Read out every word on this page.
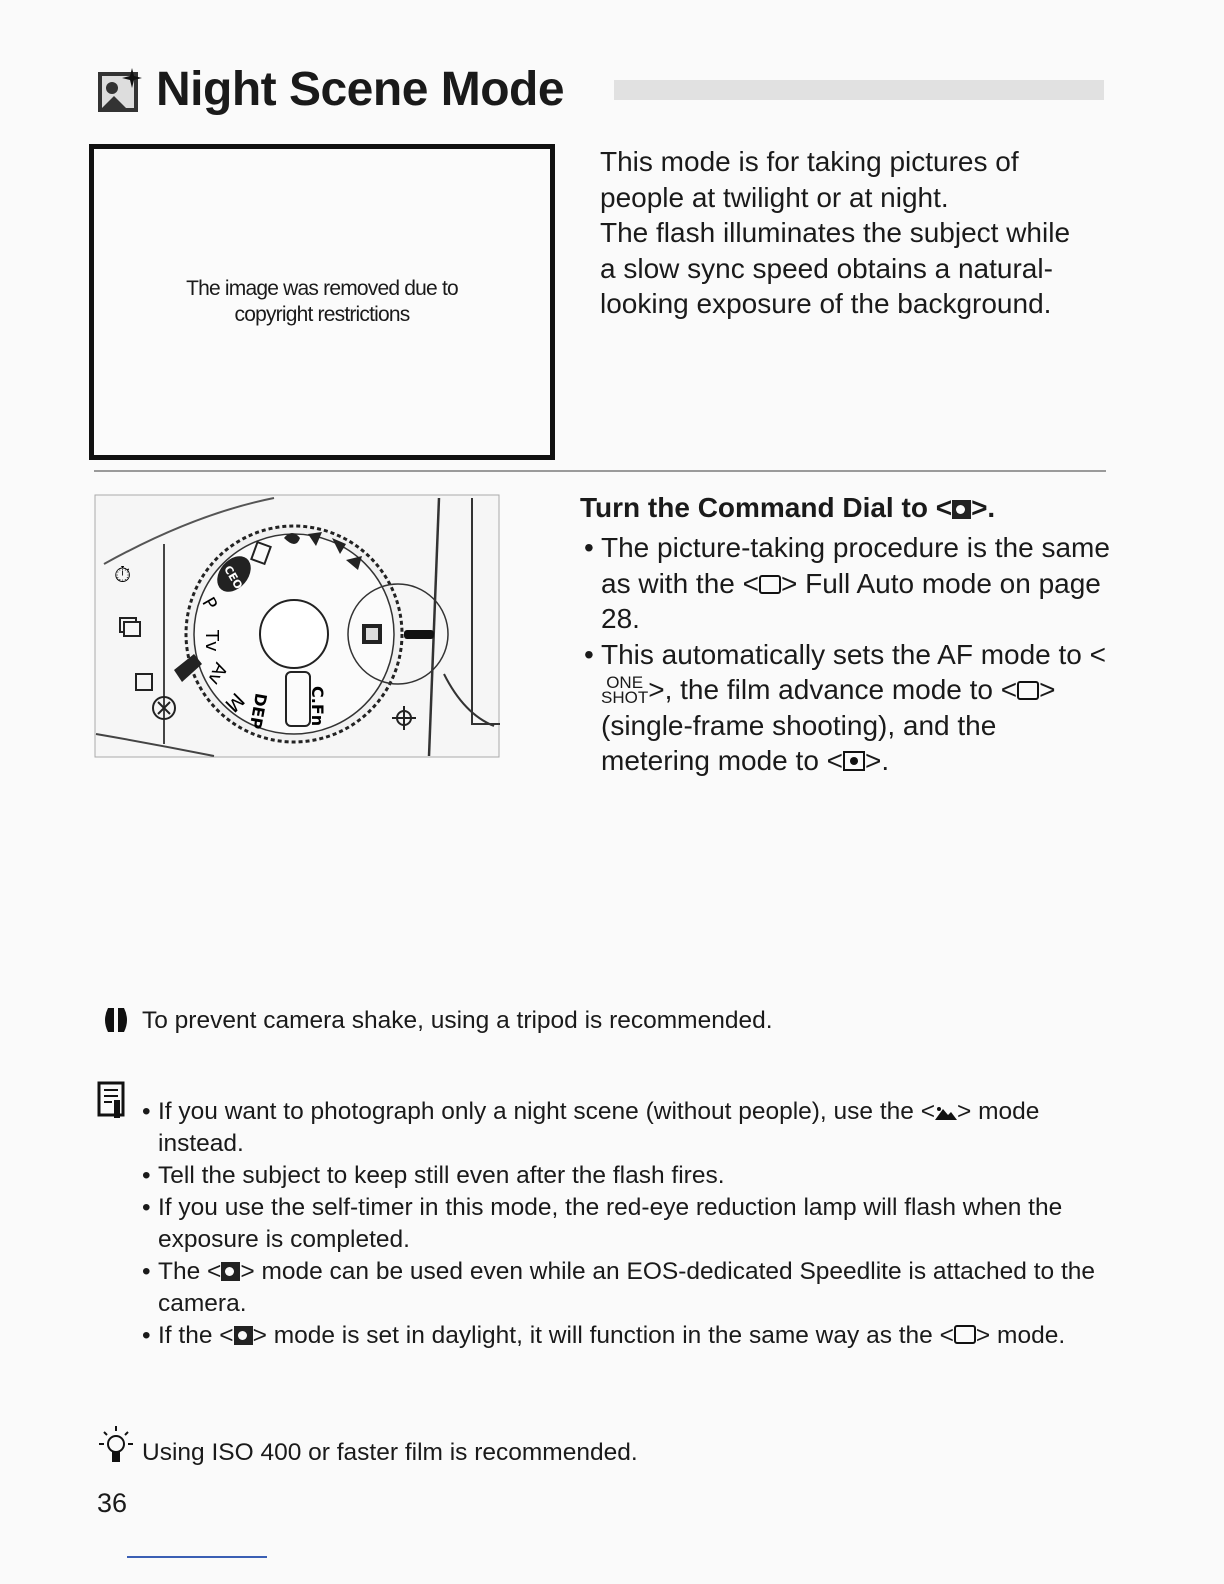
Night Scene Mode
The image was removed due to copyright restrictions

This mode is for taking pictures of people at twilight or at night.

The flash illuminates the subject while a slow sync speed obtains a natural-looking exposure of the background.

Tv
Av
M
DEP C.Fn
P
CEO
⏱

Turn the Command Dial to < >.

• The picture-taking procedure is the same as with the < > Full Auto mode on page 28.
• This automatically sets the AF mode to <ONE
SHOT>, the film advance mode to < > (single-frame shooting), and the metering mode to < >.
To prevent camera shake, using a tripod is recommended.
• If you want to photograph only a night scene (without people), use the < > mode instead.
• Tell the subject to keep still even after the flash fires.
• If you use the self-timer in this mode, the red-eye reduction lamp will flash when the exposure is completed.
• The < > mode can be used even while an EOS-dedicated Speedlite is attached to the camera.
• If the < > mode is set in daylight, it will function in the same way as the < > mode.
Using ISO 400 or faster film is recommended.
36
